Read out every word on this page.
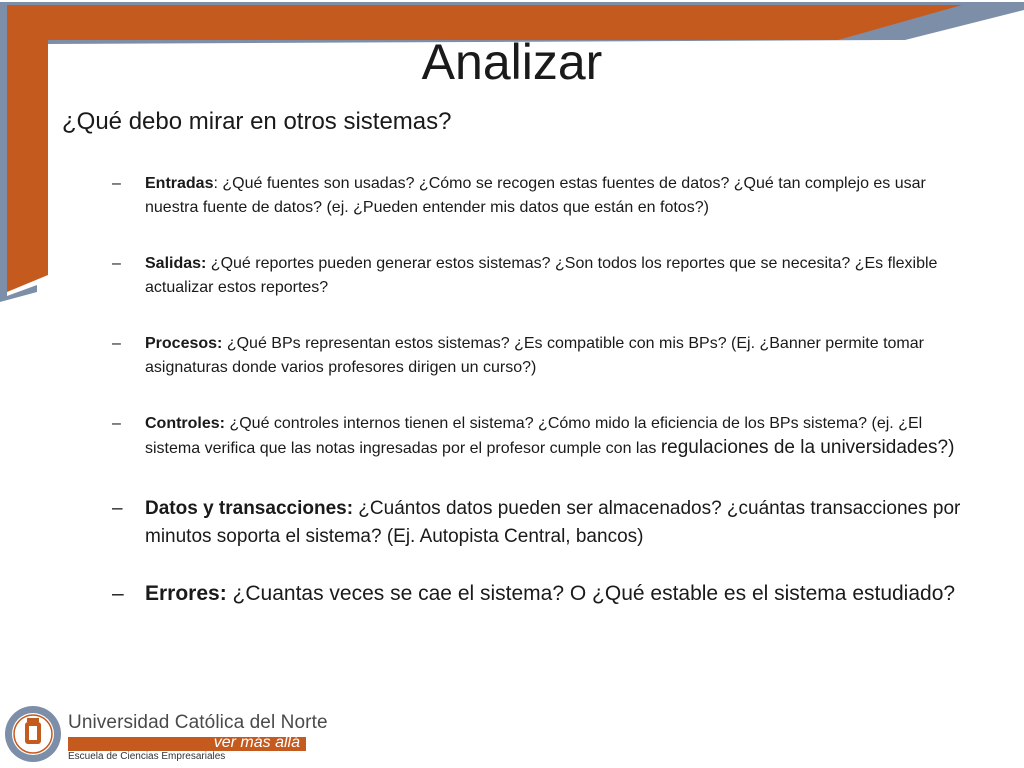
Analizar

¿Qué debo mirar en otros sistemas?

– Entradas: ¿Qué fuentes son usadas? ¿Cómo se recogen estas fuentes de datos? ¿Qué tan complejo es usar nuestra fuente de datos? (ej. ¿Pueden entender mis datos que están en fotos?)
– Salidas: ¿Qué reportes pueden generar estos sistemas? ¿Son todos los reportes que se necesita? ¿Es flexible actualizar estos reportes?
– Procesos: ¿Qué BPs representan estos sistemas? ¿Es compatible con mis BPs? (Ej. ¿Banner permite tomar asignaturas donde varios profesores dirigen un curso?)
– Controles: ¿Qué controles internos tienen el sistema? ¿Cómo mido la eficiencia de los BPs sistema? (ej. ¿El sistema verifica que las notas ingresadas por el profesor cumple con las regulaciones de la universidades?)
– Datos y transacciones: ¿Cuántos datos pueden ser almacenados? ¿cuántas transacciones por minutos soporta el sistema? (Ej. Autopista Central, bancos)
– Errores: ¿Cuantas veces se cae el sistema? O ¿Qué estable es el sistema estudiado?
Universidad Católica del Norte
ver más allá
Escuela de Ciencias Empresariales
